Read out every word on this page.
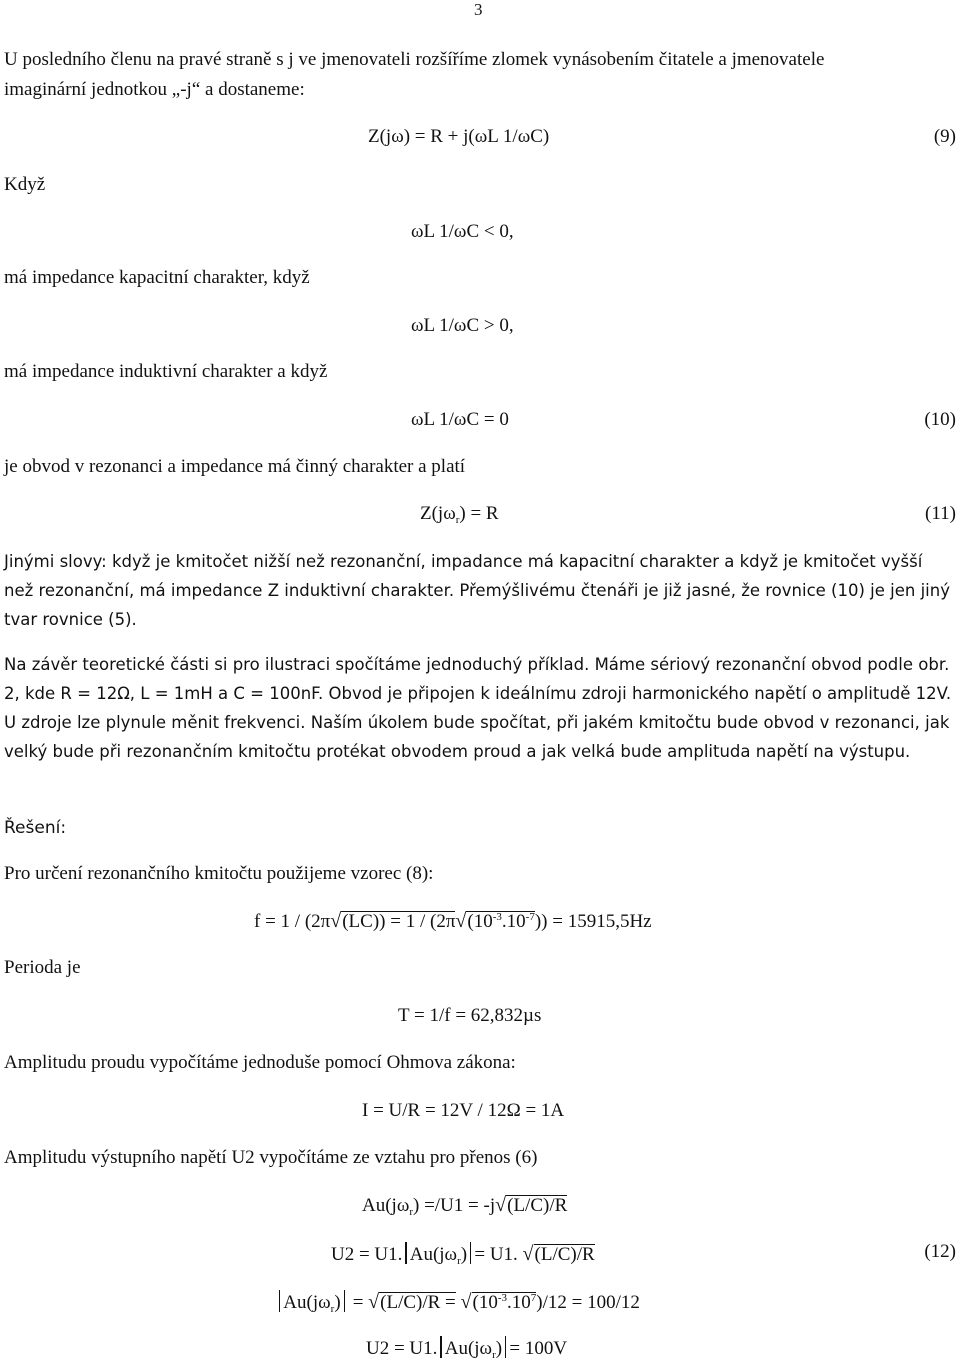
3
U posledního členu na pravé straně s j ve jmenovateli rozšíříme zlomek vynásobením čitatele a jmenovatele
imaginární jednotkou „-j“ a dostaneme:
Z(jω) = R + j(ωL 1/ωC)	(9)
Když
ωL 1/ωC < 0,
má impedance kapacitní charakter, když
ωL 1/ωC > 0,
má impedance induktivní charakter a když
ωL 1/ωC = 0	(10)
je obvod v rezonanci a impedance má činný charakter a platí
$Z(j\omega_r) = R$	(11)
Jinými slovy: když je kmitočet nižší než rezonanční, impadance má kapacitní charakter a když je kmitočet vyšší než rezonanční, má impedance Z induktivní charakter. Přemýšlivému čtenáři je již jasné, že rovnice (10) je jen jiný tvar rovnice (5).
Na závěr teoretické části si pro ilustraci spočítáme jednoduchý příklad. Máme sériový rezonanční obvod podle obr. 2, kde R = 12Ω, L = 1mH a C = 100nF. Obvod je připojen k ideálnímu zdroji harmonického napětí o amplitudě 12V. U zdroje lze plynule měnit frekvenci. Naším úkolem bude spočítat, při jakém kmitočtu bude obvod v rezonanci, jak velký bude při rezonančním kmitočtu protékat obvodem proud a jak velká bude amplituda napětí na výstupu.
Řešení:
Pro určení rezonančního kmitočtu použijeme vzorec (8):
$f = 1 / (2\pi√(LC)) = 1 / (2\pi√(10^{-3}.10^{-7})) = 15915,5Hz$
Perioda je
T = 1/f = 62,832µs
Amplitudu proudu vypočítáme jednoduše pomocí Ohmova zákona:
I = U/R = 12V / 12Ω = 1A
Amplitudu výstupního napětí U2 vypočítáme ze vztahu pro přenos (6)
$Au(j\omega_r) =/U1 = -j√(L/C)/R$
U2 = U1. $Au(j\omega_r) = U1$. √(L/C)/R	(12)
$Au(j\omega_r) = √(L/C)/R = √(10^{-3}.10^7)/12 = 100/12$
U2 = U1. $Au(j\omega_r) = 100V$
